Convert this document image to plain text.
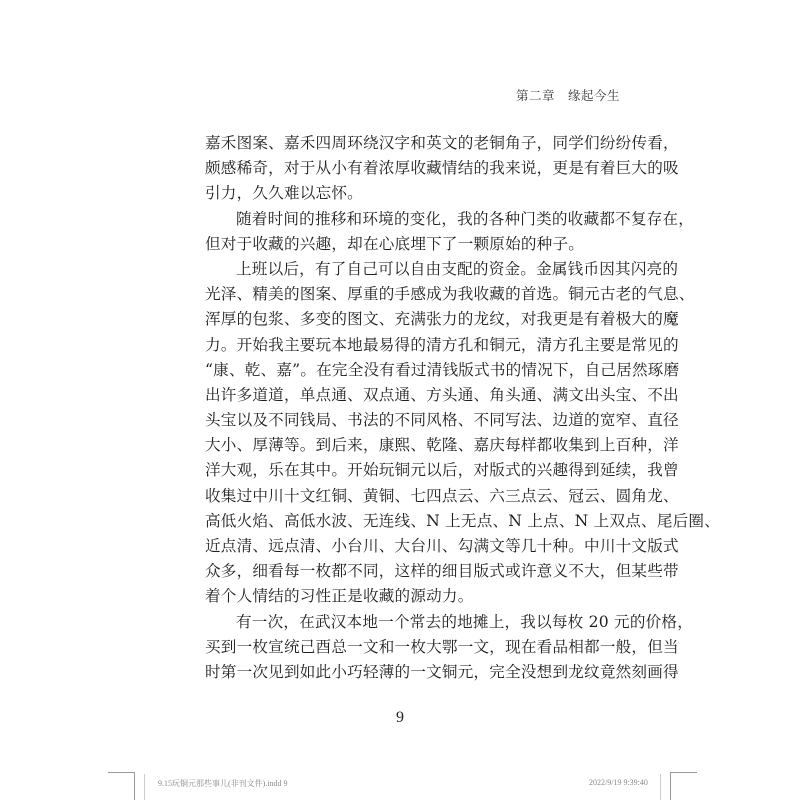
第二章　缘起今生
嘉禾图案、嘉禾四周环绕汉字和英文的老铜角子，同学们纷纷传看，
颇感稀奇，对于从小有着浓厚收藏情结的我来说，更是有着巨大的吸
引力，久久难以忘怀。
随着时间的推移和环境的变化，我的各种门类的收藏都不复存在，
但对于收藏的兴趣，却在心底埋下了一颗原始的种子。
上班以后，有了自己可以自由支配的资金。金属钱币因其闪亮的
光泽、精美的图案、厚重的手感成为我收藏的首选。铜元古老的气息、
浑厚的包浆、多变的图文、充满张力的龙纹，对我更是有着极大的魔
力。开始我主要玩本地最易得的清方孔和铜元，清方孔主要是常见的
“康、乾、嘉”。在完全没有看过清钱版式书的情况下，自己居然琢磨
出许多道道，单点通、双点通、方头通、角头通、满文出头宝、不出
头宝以及不同钱局、书法的不同风格、不同写法、边道的宽窄、直径
大小、厚薄等。到后来，康熙、乾隆、嘉庆每样都收集到上百种，洋
洋大观，乐在其中。开始玩铜元以后，对版式的兴趣得到延续，我曾
收集过中川十文红铜、黄铜、七四点云、六三点云、冠云、圆角龙、
高低火焰、高低水波、无连线、N 上无点、N 上点、N 上双点、尾后圈、
近点清、远点清、小台川、大台川、勾满文等几十种。中川十文版式
众多，细看每一枚都不同，这样的细目版式或许意义不大，但某些带
着个人情结的习性正是收藏的源动力。
有一次，在武汉本地一个常去的地摊上，我以每枚 20 元的价格，
买到一枚宣统己酉总一文和一枚大鄂一文，现在看品相都一般，但当
时第一次见到如此小巧轻薄的一文铜元，完全没想到龙纹竟然刻画得
9
9.15玩铜元那些事儿(非刊文件).indd 9	2022/9/19 9:39:40
